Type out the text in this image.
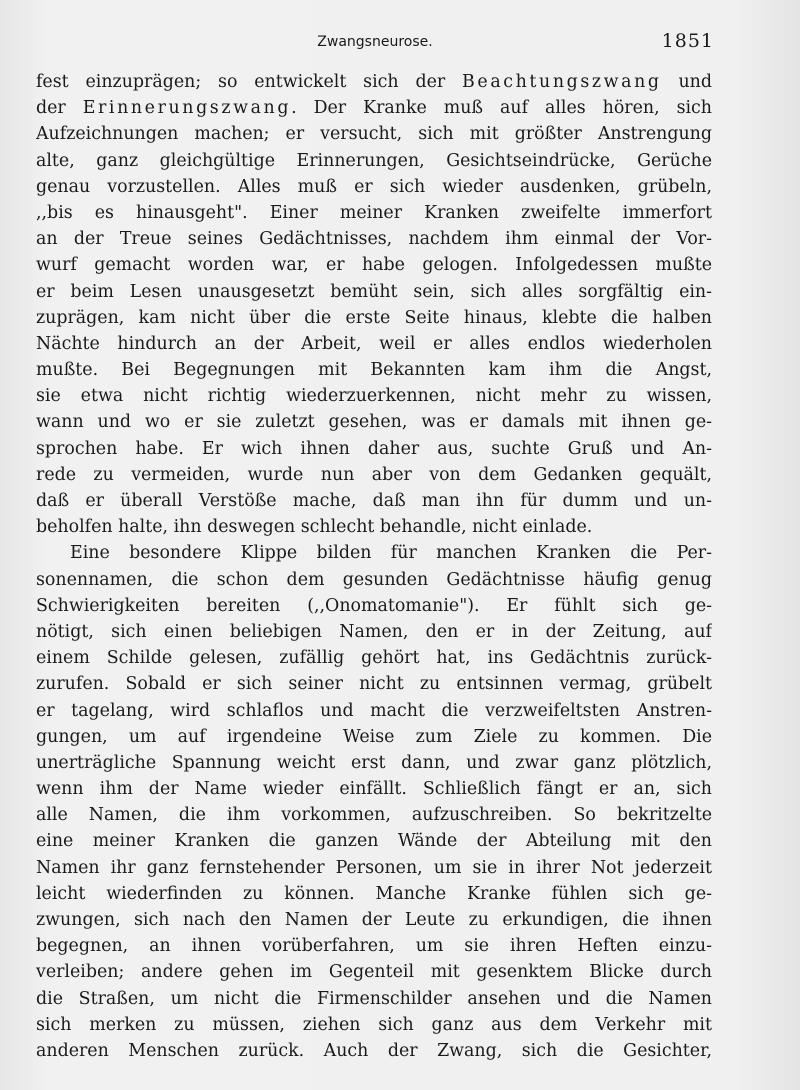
Zwangsneurose.	1851
fest einzuprägen; so entwickelt sich der Beachtungszwang und
der Erinnerungszwang. Der Kranke muß auf alles hören, sich
Aufzeichnungen machen; er versucht, sich mit größter Anstrengung
alte, ganz gleichgültige Erinnerungen, Gesichtseindrücke, Gerüche
genau vorzustellen. Alles muß er sich wieder ausdenken, grübeln,
,,bis es hinausgeht". Einer meiner Kranken zweifelte immerfort
an der Treue seines Gedächtnisses, nachdem ihm einmal der Vor-
wurf gemacht worden war, er habe gelogen. Infolgedessen mußte
er beim Lesen unausgesetzt bemüht sein, sich alles sorgfältig ein-
zuprägen, kam nicht über die erste Seite hinaus, klebte die halben
Nächte hindurch an der Arbeit, weil er alles endlos wiederholen
mußte. Bei Begegnungen mit Bekannten kam ihm die Angst,
sie etwa nicht richtig wiederzuerkennen, nicht mehr zu wissen,
wann und wo er sie zuletzt gesehen, was er damals mit ihnen ge-
sprochen habe. Er wich ihnen daher aus, suchte Gruß und An-
rede zu vermeiden, wurde nun aber von dem Gedanken gequält,
daß er überall Verstöße mache, daß man ihn für dumm und un-
beholfen halte, ihn deswegen schlecht behandle, nicht einlade.
Eine besondere Klippe bilden für manchen Kranken die Per-
sonennamen, die schon dem gesunden Gedächtnisse häufig genug
Schwierigkeiten bereiten (,,Onomatomanie"). Er fühlt sich ge-
nötigt, sich einen beliebigen Namen, den er in der Zeitung, auf
einem Schilde gelesen, zufällig gehört hat, ins Gedächtnis zurück-
zurufen. Sobald er sich seiner nicht zu entsinnen vermag, grübelt
er tagelang, wird schlaflos und macht die verzweifeltsten Anstren-
gungen, um auf irgendeine Weise zum Ziele zu kommen. Die
unerträgliche Spannung weicht erst dann, und zwar ganz plötzlich,
wenn ihm der Name wieder einfällt. Schließlich fängt er an, sich
alle Namen, die ihm vorkommen, aufzuschreiben. So bekritzelte
eine meiner Kranken die ganzen Wände der Abteilung mit den
Namen ihr ganz fernstehender Personen, um sie in ihrer Not jederzeit
leicht wiederfinden zu können. Manche Kranke fühlen sich ge-
zwungen, sich nach den Namen der Leute zu erkundigen, die ihnen
begegnen, an ihnen vorüberfahren, um sie ihren Heften einzu-
verleiben; andere gehen im Gegenteil mit gesenktem Blicke durch
die Straßen, um nicht die Firmenschilder ansehen und die Namen
sich merken zu müssen, ziehen sich ganz aus dem Verkehr mit
anderen Menschen zurück. Auch der Zwang, sich die Gesichter,
